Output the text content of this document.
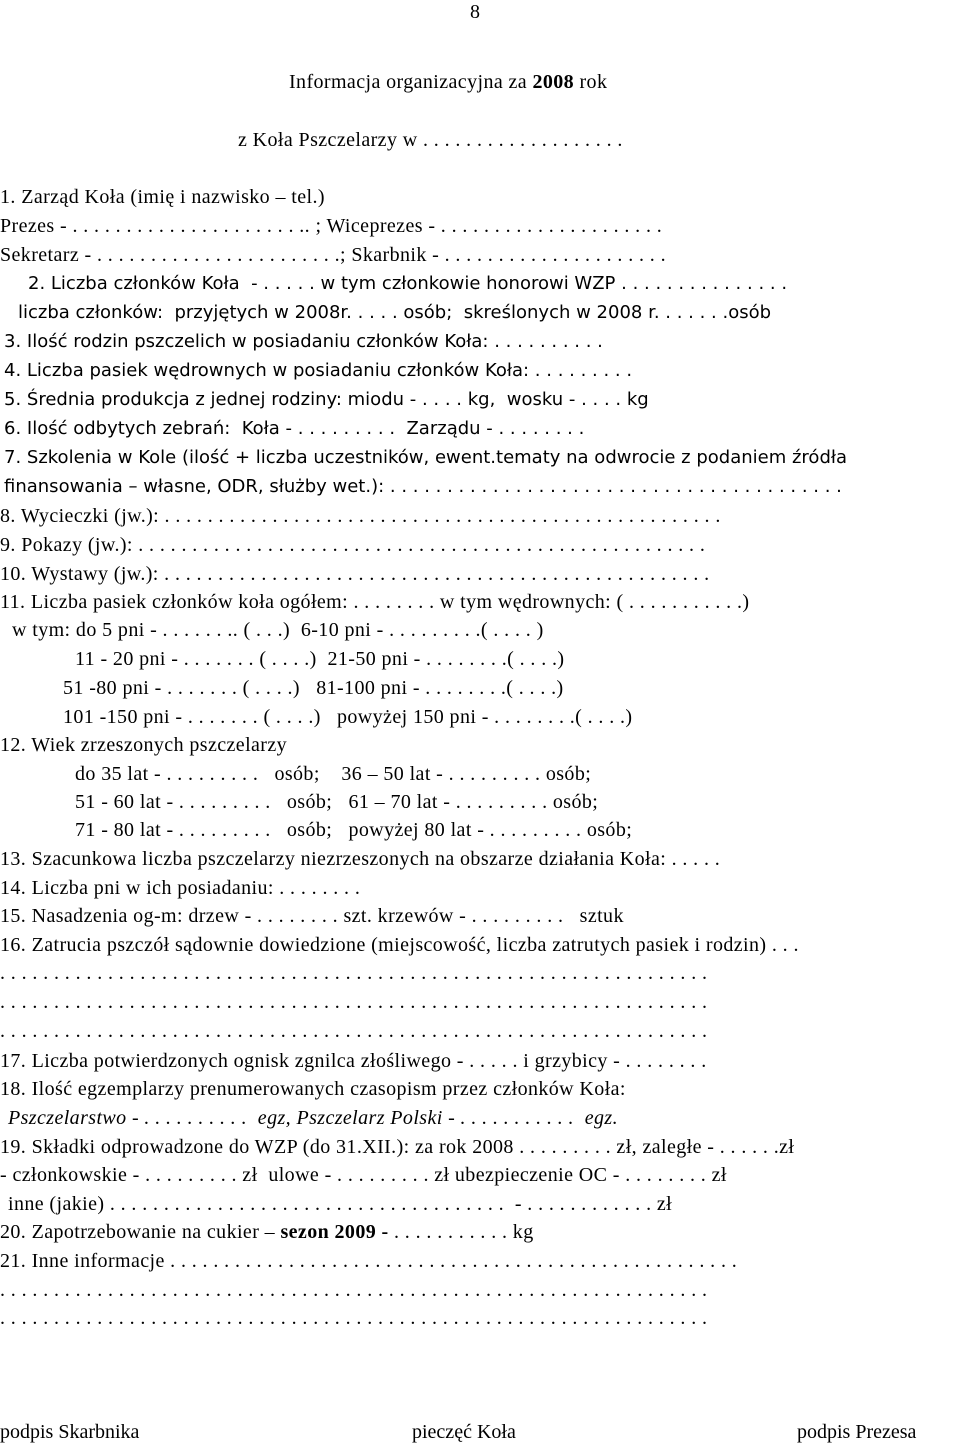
8
Informacja organizacyjna za 2008 rok
z Koła Pszczelarzy w . . . . . . . . . . . . . . . . . . .
1. Zarząd Koła (imię i nazwisko – tel.)
Prezes - . . . . . . . . . . . . . . . . . . . . . .. ; Wiceprezes - . . . . . . . . . . . . . . . . . . . . .
Sekretarz - . . . . . . . . . . . . . . . . . . . . . . .; Skarbnik - . . . . . . . . . . . . . . . . . . . . .
2. Liczba członków Koła  - . . . . . w tym członkowie honorowi WZP . . . . . . . . . . . . . . .
liczba członków:  przyjętych w 2008r. . . . . osób;  skreślonych w 2008 r. . . . . . .osób
3. Ilość rodzin pszczelich w posiadaniu członków Koła: . . . . . . . . . .
4. Liczba pasiek wędrownych w posiadaniu członków Koła: . . . . . . . . .
5. Średnia produkcja z jednej rodziny: miodu - . . . . kg,  wosku - . . . . kg
6. Ilość odbytych zebrań:  Koła - . . . . . . . . .  Zarządu - . . . . . . . .
7. Szkolenia w Kole (ilość + liczba uczestników, ewent.tematy na odwrocie z podaniem źródła
finansowania – własne, ODR, służby wet.): . . . . . . . . . . . . . . . . . . . . . . . . . . . . . . . . . . . . . . . .
8. Wycieczki (jw.): . . . . . . . . . . . . . . . . . . . . . . . . . . . . . . . . . . . . . . . . . . . . . . . . . . . .
9. Pokazy (jw.): . . . . . . . . . . . . . . . . . . . . . . . . . . . . . . . . . . . . . . . . . . . . . . . . . . . . .
10. Wystawy (jw.): . . . . . . . . . . . . . . . . . . . . . . . . . . . . . . . . . . . . . . . . . . . . . . . . . . .
11. Liczba pasiek członków koła ogółem: . . . . . . . . w tym wędrownych: ( . . . . . . . . . . .)
w tym: do 5 pni - . . . . . . .. ( . . .)  6-10 pni - . . . . . . . . .( . . . . )
11 - 20 pni - . . . . . . . ( . . . .)  21-50 pni - . . . . . . . .( . . . .)
51 -80 pni - . . . . . . . ( . . . .)   81-100 pni - . . . . . . . .( . . . .)
101 -150 pni - . . . . . . . ( . . . .)   powyżej 150 pni - . . . . . . . .( . . . .)
12. Wiek zrzeszonych pszczelarzy
do 35 lat - . . . . . . . . .   osób;    36 – 50 lat - . . . . . . . . . osób;
51 - 60 lat - . . . . . . . . .   osób;   61 – 70 lat - . . . . . . . . . osób;
71 - 80 lat - . . . . . . . . .   osób;   powyżej 80 lat - . . . . . . . . . osób;
13. Szacunkowa liczba pszczelarzy niezrzeszonych na obszarze działania Koła: . . . . .
14. Liczba pni w ich posiadaniu: . . . . . . . .
15. Nasadzenia og-m: drzew - . . . . . . . . szt. krzewów - . . . . . . . . .   sztuk
16. Zatrucia pszczół sądownie dowiedzione (miejscowość, liczba zatrutych pasiek i rodzin) . . .
. . . . . . . . . . . . . . . . . . . . . . . . . . . . . . . . . . . . . . . . . . . . . . . . . . . . . . . . . . . . . . . . . .
. . . . . . . . . . . . . . . . . . . . . . . . . . . . . . . . . . . . . . . . . . . . . . . . . . . . . . . . . . . . . . . . . .
. . . . . . . . . . . . . . . . . . . . . . . . . . . . . . . . . . . . . . . . . . . . . . . . . . . . . . . . . . . . . . . . . .
17. Liczba potwierdzonych ognisk zgnilca złośliwego - . . . . . i grzybicy - . . . . . . . .
18. Ilość egzemplarzy prenumerowanych czasopism przez członków Koła:
Pszczelarstwo - . . . . . . . . . .  egz, Pszczelarz Polski - . . . . . . . . . . .  egz.
19. Składki odprowadzone do WZP (do 31.XII.): za rok 2008 . . . . . . . . . zł, zaległe - . . . . . .zł
- członkowskie - . . . . . . . . . zł  ulowe - . . . . . . . . . zł ubezpieczenie OC - . . . . . . . . zł
inne (jakie) . . . . . . . . . . . . . . . . . . . . . . . . . . . . . . . . . . . . .  - . . . . . . . . . . . . zł
20. Zapotrzebowanie na cukier – sezon 2009 - . . . . . . . . . . . kg
21. Inne informacje . . . . . . . . . . . . . . . . . . . . . . . . . . . . . . . . . . . . . . . . . . . . . . . . . . . . .
. . . . . . . . . . . . . . . . . . . . . . . . . . . . . . . . . . . . . . . . . . . . . . . . . . . . . . . . . . . . . . . . . .
. . . . . . . . . . . . . . . . . . . . . . . . . . . . . . . . . . . . . . . . . . . . . . . . . . . . . . . . . . . . . . . . . .
podpis Skarbnika	pieczęć Koła	podpis Prezesa
